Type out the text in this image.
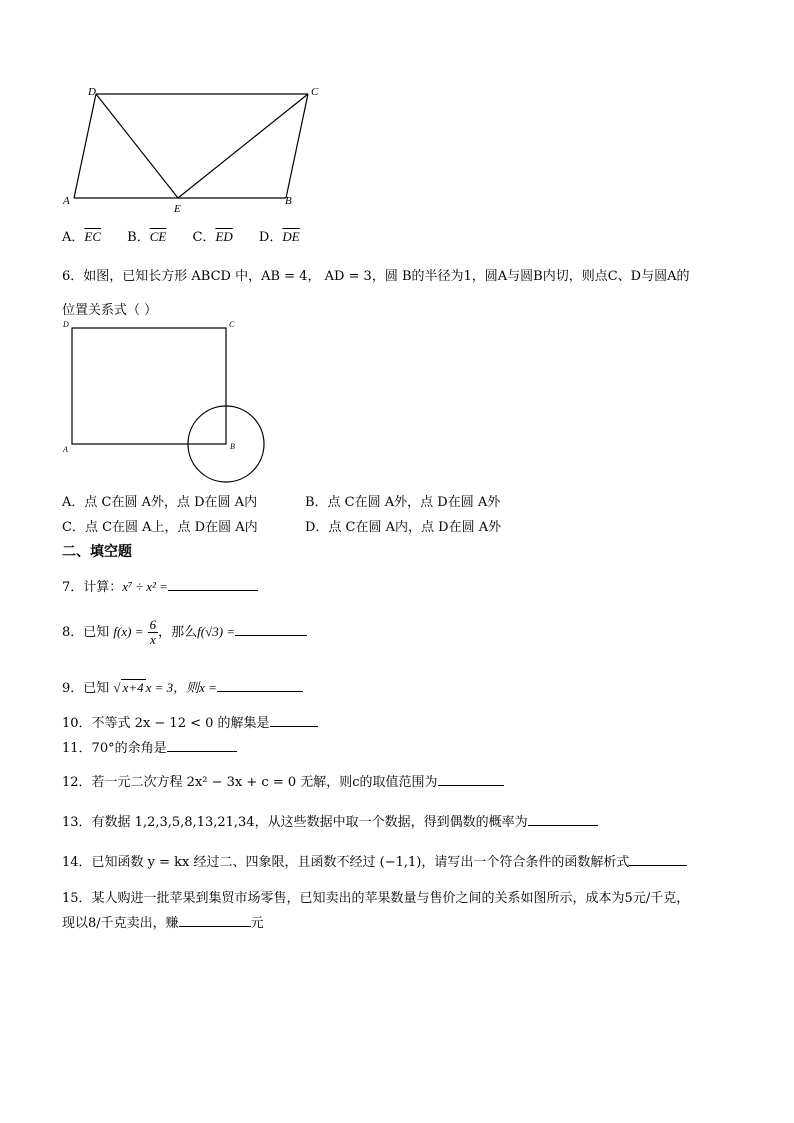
D	C
A	B
E
A．$\overline{EC}$ B．$\overline{CE}$ C．$\overline{ED}$ D．$\overline{DE}$
6．如图，已知长方形 ABCD 中，AB = 4， AD = 3，圆 B的半径为1，圆A与圆B内切，则点C、D与圆A的
位置关系式（ ）
D	C
A	B
A．点 C在圆 A外，点 D在圆 A内	B．点 C在圆 A外，点 D在圆 A外
C．点 C在圆 A上，点 D在圆 A内	D．点 C在圆 A内，点 D在圆 A外
二、填空题
7．计算：x⁷ ÷ x² =
8．已知 $f(x) = \frac{6}{x}$ ，那么f(√3) =
9．已知 √ x+4 x = 3，则x =
10．不等式 2x − 12 < 0 的解集是
11．70°的余角是
12．若一元二次方程 2x² − 3x + c = 0 无解，则c的取值范围为
13．有数据 1,2,3,5,8,13,21,34，从这些数据中取一个数据，得到偶数的概率为
14．已知函数 y = kx 经过二、四象限，且函数不经过 (−1,1)，请写出一个符合条件的函数解析式
15．某人购进一批苹果到集贸市场零售，已知卖出的苹果数量与售价之间的关系如图所示，成本为5元/千克，
现以8/千克卖出，赚	元
